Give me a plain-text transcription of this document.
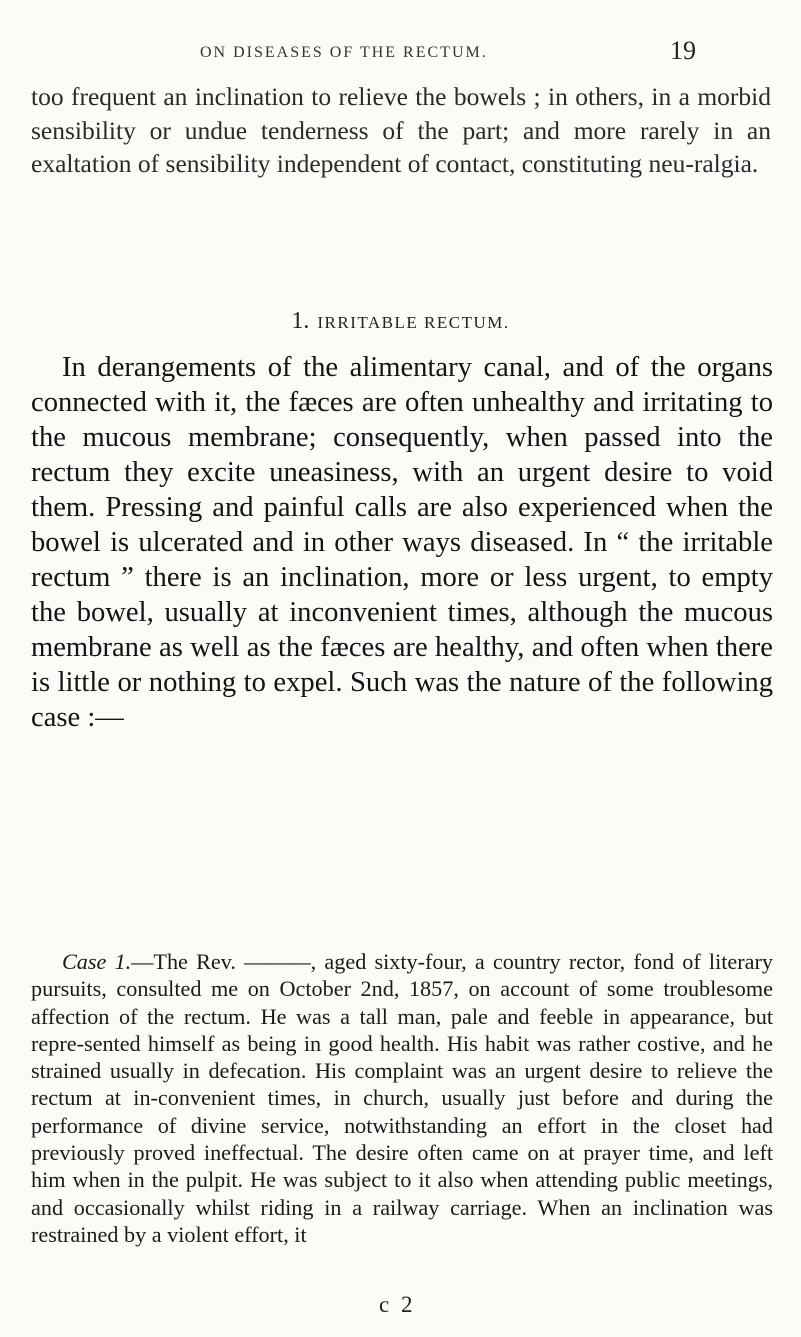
ON DISEASES OF THE RECTUM.	19

too frequent an inclination to relieve the bowels ; in others, in a morbid sensibility or undue tenderness of the part; and more rarely in an exaltation of sensibility independent of contact, constituting neu-ralgia.

1. IRRITABLE RECTUM.

In derangements of the alimentary canal, and of the organs connected with it, the fæces are often unhealthy and irritating to the mucous membrane; consequently, when passed into the rectum they excite uneasiness, with an urgent desire to void them. Pressing and painful calls are also experienced when the bowel is ulcerated and in other ways diseased. In “ the irritable rectum ” there is an inclination, more or less urgent, to empty the bowel, usually at inconvenient times, although the mucous membrane as well as the fæces are healthy, and often when there is little or nothing to expel. Such was the nature of the following case :—

Case 1.—The Rev. ———, aged sixty-four, a country rector, fond of literary pursuits, consulted me on October 2nd, 1857, on account of some troublesome affection of the rectum. He was a tall man, pale and feeble in appearance, but repre-sented himself as being in good health. His habit was rather costive, and he strained usually in defecation. His complaint was an urgent desire to relieve the rectum at in-convenient times, in church, usually just before and during the performance of divine service, notwithstanding an effort in the closet had previously proved ineffectual. The desire often came on at prayer time, and left him when in the pulpit. He was subject to it also when attending public meetings, and occasionally whilst riding in a railway carriage. When an inclination was restrained by a violent effort, it

c 2
